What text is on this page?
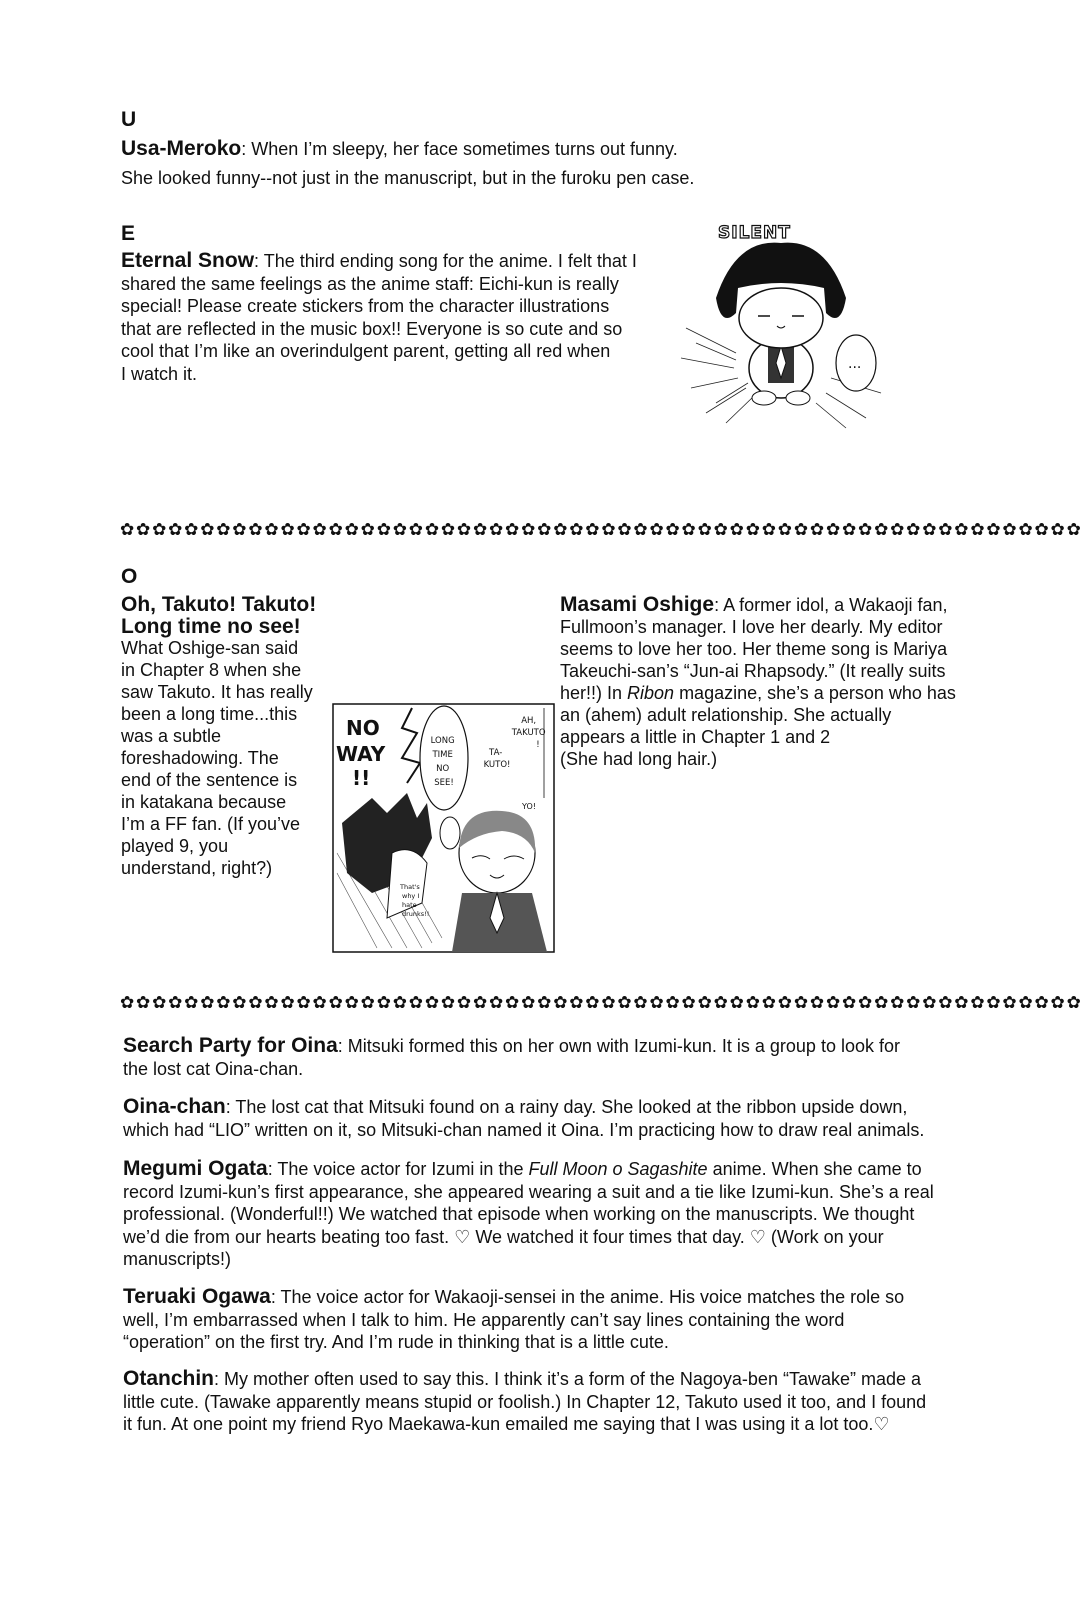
U
Usa-Meroko: When I’m sleepy, her face sometimes turns out funny.
She looked funny--not just in the manuscript, but in the furoku pen case.
E
Eternal Snow: The third ending song for the anime. I felt that I
shared the same feelings as the anime staff: Eichi-kun is really
special! Please create stickers from the character illustrations
that are reflected in the music box!! Everyone is so cute and so
cool that I’m like an overindulgent parent, getting all red when
I watch it.
SILENT
...
✿✿✿✿✿✿✿✿✿✿✿✿✿✿✿✿✿✿✿✿✿✿✿✿✿✿✿✿✿✿✿✿✿✿✿✿✿✿✿✿✿✿✿✿✿✿✿✿✿✿✿✿✿✿✿✿✿✿✿✿
O
Oh, Takuto! Takuto!
Long time no see!
What Oshige-san said
in Chapter 8 when she
saw Takuto. It has really
been a long time...this
was a subtle
foreshadowing. The
end of the sentence is
in katakana because
I’m a FF fan. (If you’ve
played 9, you
understand, right?)
NO
WAY
!!
LONG TIME NO SEE!
AH, TAKUTO !
TA- KUTO!
YO!
That's why I hate drunks!!
Masami Oshige: A former idol, a Wakaoji fan,
Fullmoon’s manager. I love her dearly. My editor
seems to love her too. Her theme song is Mariya
Takeuchi-san’s “Jun-ai Rhapsody.” (It really suits
her!!) In Ribon magazine, she’s a person who has
an (ahem) adult relationship. She actually
appears a little in Chapter 1 and 2
(She had long hair.)
✿✿✿✿✿✿✿✿✿✿✿✿✿✿✿✿✿✿✿✿✿✿✿✿✿✿✿✿✿✿✿✿✿✿✿✿✿✿✿✿✿✿✿✿✿✿✿✿✿✿✿✿✿✿✿✿✿✿✿✿
Search Party for Oina: Mitsuki formed this on her own with Izumi-kun. It is a group to look for
the lost cat Oina-chan.
Oina-chan: The lost cat that Mitsuki found on a rainy day. She looked at the ribbon upside down,
which had “LIO” written on it, so Mitsuki-chan named it Oina. I’m practicing how to draw real animals.
Megumi Ogata: The voice actor for Izumi in the Full Moon o Sagashite anime. When she came to
record Izumi-kun’s first appearance, she appeared wearing a suit and a tie like Izumi-kun. She’s a real
professional. (Wonderful!!) We watched that episode when working on the manuscripts. We thought
we’d die from our hearts beating too fast. ♡ We watched it four times that day. ♡ (Work on your
manuscripts!)
Teruaki Ogawa: The voice actor for Wakaoji-sensei in the anime. His voice matches the role so
well, I’m embarrassed when I talk to him. He apparently can’t say lines containing the word
“operation” on the first try. And I’m rude in thinking that is a little cute.
Otanchin: My mother often used to say this. I think it’s a form of the Nagoya-ben “Tawake” made a
little cute. (Tawake apparently means stupid or foolish.) In Chapter 12, Takuto used it too, and I found
it fun. At one point my friend Ryo Maekawa-kun emailed me saying that I was using it a lot too.♡
